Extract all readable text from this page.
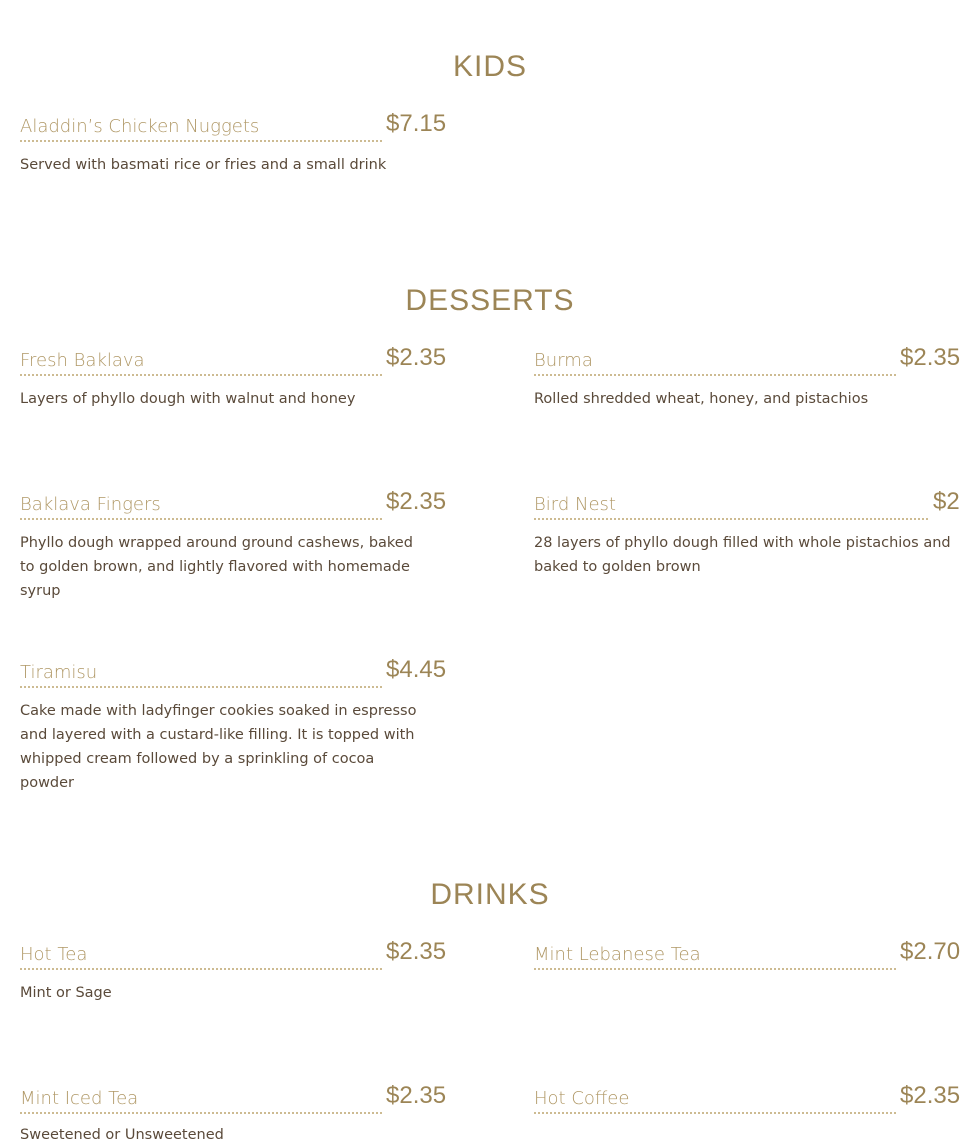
KIDS
Aladdin’s Chicken Nuggets	$7.15
Served with basmati rice or fries and a small drink
DESSERTS
Fresh Baklava	$2.35
Layers of phyllo dough with walnut and honey
Burma	$2.35
Rolled shredded wheat, honey, and pistachios
Baklava Fingers	$2.35
Phyllo dough wrapped around ground cashews, baked to golden brown, and lightly flavored with homemade syrup
Bird Nest	$2
28 layers of phyllo dough filled with whole pistachios and baked to golden brown
Tiramisu	$4.45
Cake made with ladyfinger cookies soaked in espresso and layered with a custard-like filling. It is topped with whipped cream followed by a sprinkling of cocoa powder
DRINKS
Hot Tea	$2.35
Mint or Sage
Mint Lebanese Tea	$2.70
Mint Iced Tea	$2.35
Sweetened or Unsweetened
Hot Coffee	$2.35
